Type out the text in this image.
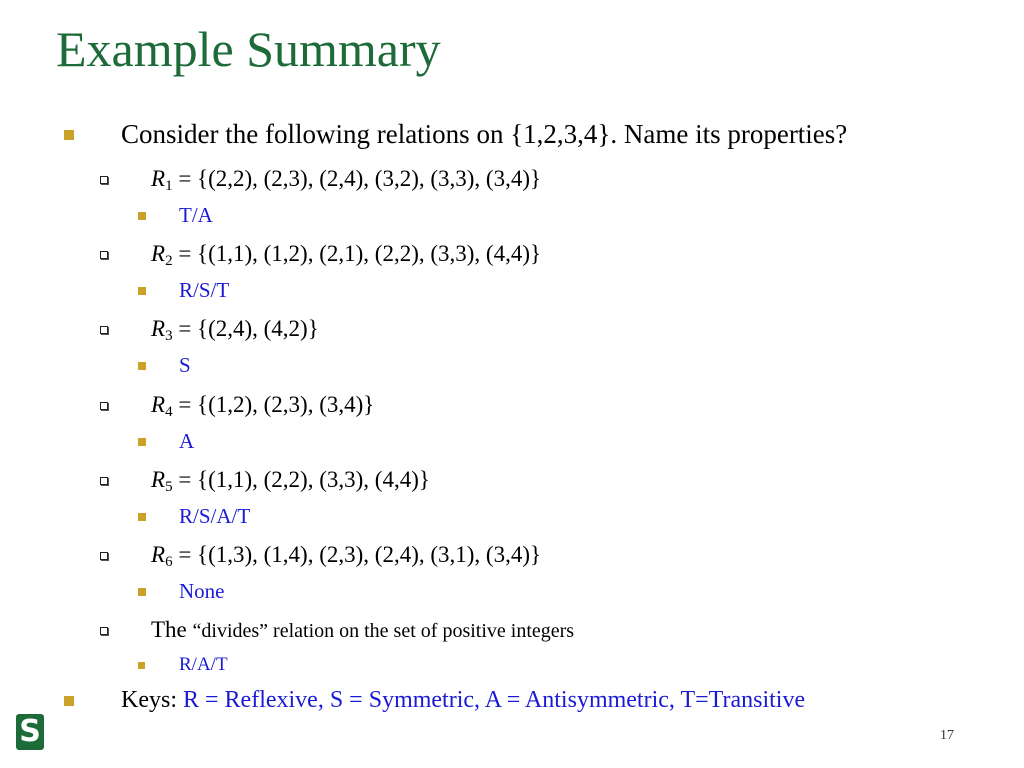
Example Summary
Consider the following relations on {1,2,3,4}. Name its properties?
$R_1 = \{(2,2)$, (2,3), (2,4), (3,2), (3,3), (3,4)}
T/A
$R_2 = \{(1,1)$, (1,2), (2,1), (2,2), (3,3), (4,4)}
R/S/T
$R_3 = \{(2,4)$, (4,2)}
S
$R_4 = \{(1,2)$, (2,3), (3,4)}
A
$R_5 = \{(1,1)$, (2,2), (3,3), (4,4)}
R/S/A/T
$R_6 = \{(1,3)$, (1,4), (2,3), (2,4), (3,1), (3,4)}
None
The “divides” relation on the set of positive integers
R/A/T
Keys: R = Reflexive, S = Symmetric, A = Antisymmetric, T=Transitive
S	17
